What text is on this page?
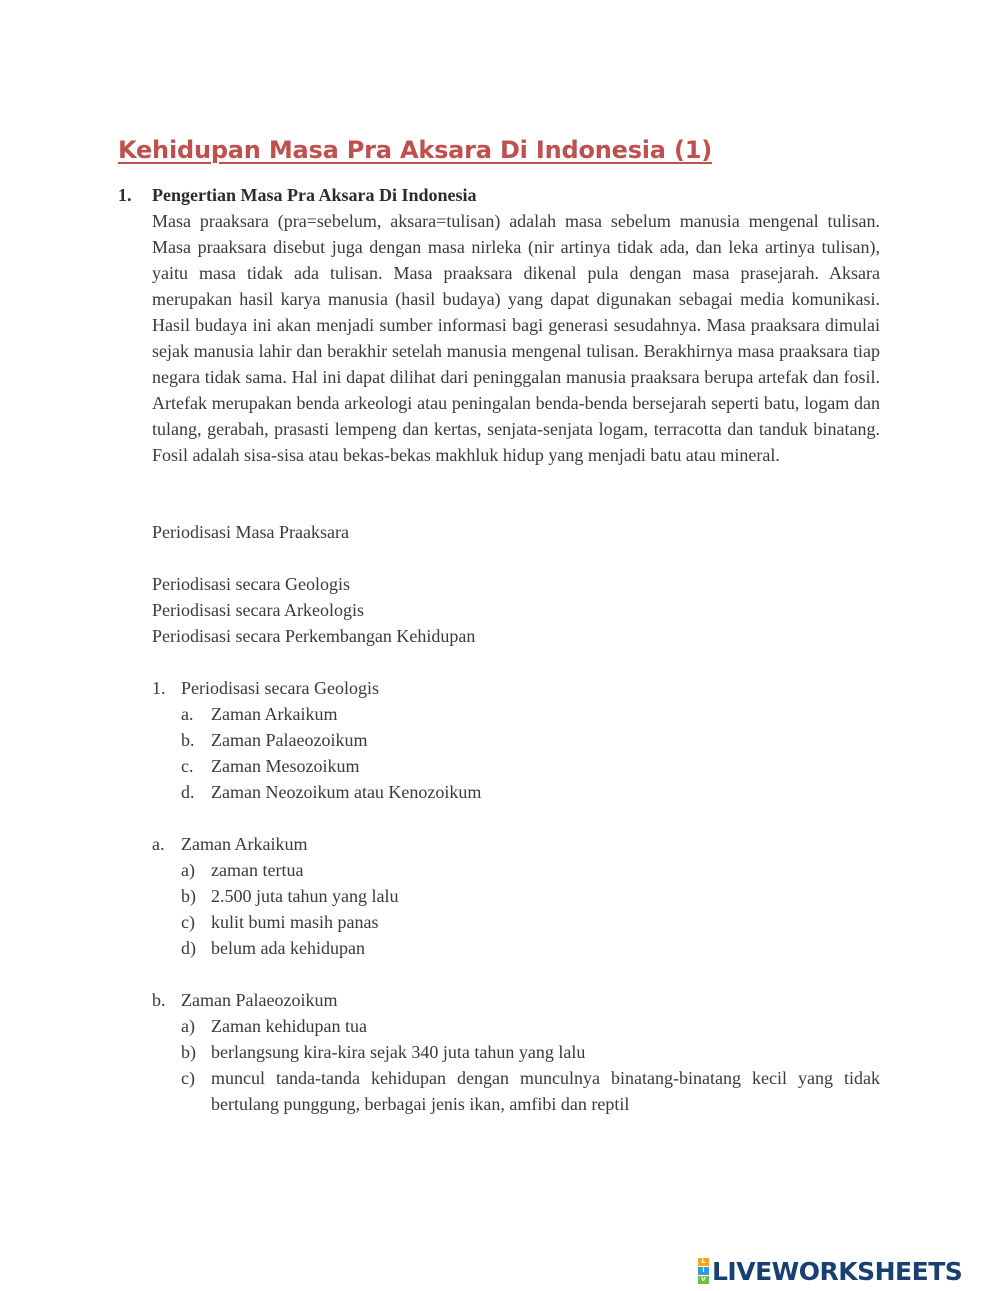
Kehidupan Masa Pra Aksara Di Indonesia (1)
1. Pengertian Masa Pra Aksara Di Indonesia

Masa praaksara (pra=sebelum, aksara=tulisan) adalah masa sebelum manusia mengenal tulisan. Masa praaksara disebut juga dengan masa nirleka (nir artinya tidak ada, dan leka artinya tulisan), yaitu masa tidak ada tulisan. Masa praaksara dikenal pula dengan masa prasejarah. Aksara merupakan hasil karya manusia (hasil budaya) yang dapat digunakan sebagai media komunikasi. Hasil budaya ini akan menjadi sumber informasi bagi generasi sesudahnya. Masa praaksara dimulai sejak manusia lahir dan berakhir setelah manusia mengenal tulisan. Berakhirnya masa praaksara tiap negara tidak sama. Hal ini dapat dilihat dari peninggalan manusia praaksara berupa artefak dan fosil. Artefak merupakan benda arkeologi atau peningalan benda-benda bersejarah seperti batu, logam dan tulang, gerabah, prasasti lempeng dan kertas, senjata-senjata logam, terracotta dan tanduk binatang. Fosil adalah sisa-sisa atau bekas-bekas makhluk hidup yang menjadi batu atau mineral.

Periodisasi Masa Praaksara
Periodisasi secara Geologis
Periodisasi secara Arkeologis
Periodisasi secara Perkembangan Kehidupan
1. Periodisasi secara Geologis
a. Zaman Arkaikum
b. Zaman Palaeozoikum
c. Zaman Mesozoikum
d. Zaman Neozoikum atau Kenozoikum
a. Zaman Arkaikum
a) zaman tertua
b) 2.500 juta tahun yang lalu
c) kulit bumi masih panas
d) belum ada kehidupan
b. Zaman Palaeozoikum
a) Zaman kehidupan tua
b) berlangsung kira-kira sejak 340 juta tahun yang lalu
c) muncul tanda-tanda kehidupan dengan munculnya binatang-binatang kecil yang tidak bertulang punggung, berbagai jenis ikan, amfibi dan reptil

L
I
V LIVEWORKSHEETS
